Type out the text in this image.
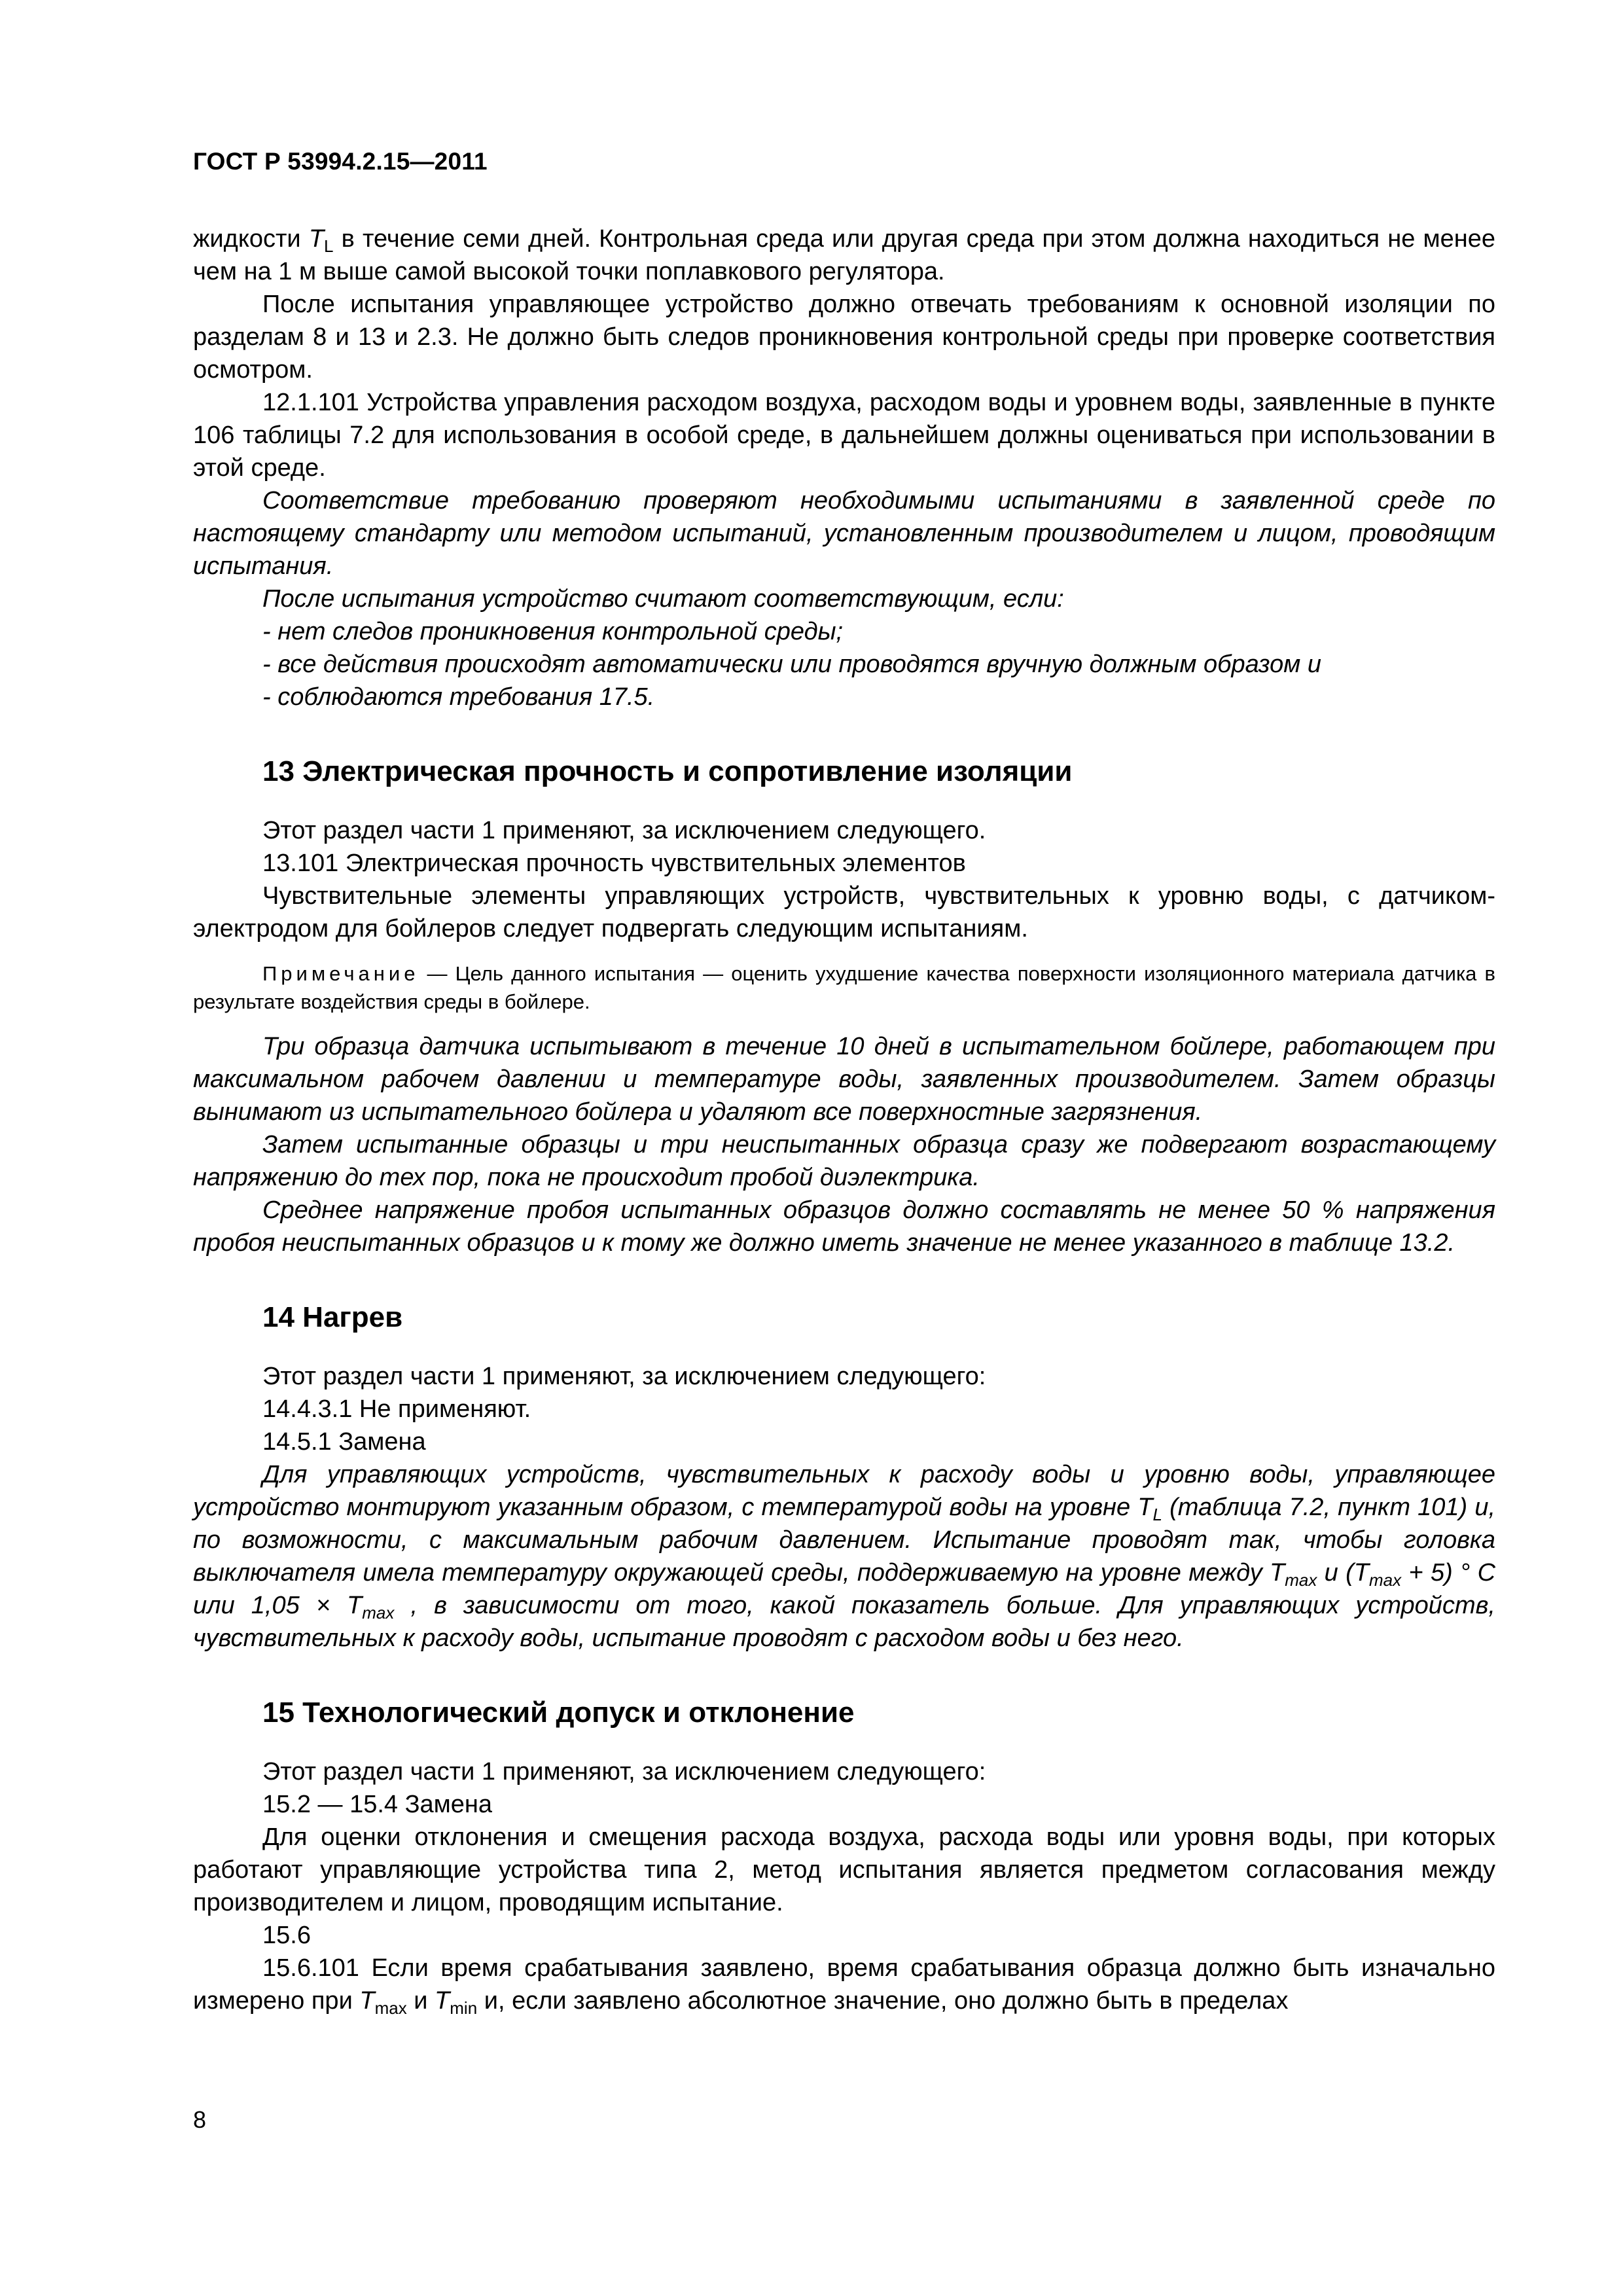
ГОСТ Р 53994.2.15—2011

жидкости $T_L$ в течение семи дней. Контрольная среда или другая среда при этом должна находиться не менее чем на 1 м выше самой высокой точки поплавкового регулятора.

После испытания управляющее устройство должно отвечать требованиям к основной изоляции по разделам 8 и 13 и 2.3. Не должно быть следов проникновения контрольной среды при проверке соответствия осмотром.

12.1.101 Устройства управления расходом воздуха, расходом воды и уровнем воды, заявленные в пункте 106 таблицы 7.2 для использования в особой среде, в дальнейшем должны оцениваться при использовании в этой среде.

Соответствие требованию проверяют необходимыми испытаниями в заявленной среде по настоящему стандарту или методом испытаний, установленным производителем и лицом, проводящим испытания.

После испытания устройство считают соответствующим, если:

- нет следов проникновения контрольной среды;

- все действия происходят автоматически или проводятся вручную должным образом и

- соблюдаются требования 17.5.

13 Электрическая прочность и сопротивление изоляции

Этот раздел части 1 применяют, за исключением следующего.

13.101 Электрическая прочность чувствительных элементов

Чувствительные элементы управляющих устройств, чувствительных к уровню воды, с датчиком-электродом для бойлеров следует подвергать следующим испытаниям.

Примечание — Цель данного испытания — оценить ухудшение качества поверхности изоляционного материала датчика в результате воздействия среды в бойлере.

Три образца датчика испытывают в течение 10 дней в испытательном бойлере, работающем при максимальном рабочем давлении и температуре воды, заявленных производителем. Затем образцы вынимают из испытательного бойлера и удаляют все поверхностные загрязнения.

Затем испытанные образцы и три неиспытанных образца сразу же подвергают возрастающему напряжению до тех пор, пока не происходит пробой диэлектрика.

Среднее напряжение пробоя испытанных образцов должно составлять не менее 50 % напряжения пробоя неиспытанных образцов и к тому же должно иметь значение не менее указанного в таблице 13.2.

14 Нагрев

Этот раздел части 1 применяют, за исключением следующего:

14.4.3.1 Не применяют.

14.5.1 Замена

Для управляющих устройств, чувствительных к расходу воды и уровню воды, управляющее устройство монтируют указанным образом, с температурой воды на уровне $T_L$ (таблица 7.2, пункт 101) и, по возможности, с максимальным рабочим давлением. Испытание проводят так, чтобы головка выключателя имела температуру окружающей среды, поддерживаемую на уровне между $T_{max}$ и $(T_{max} + 5)$ ° С или $1,05 \times T_{max}$ , в зависимости от того, какой показатель больше. Для управляющих устройств, чувствительных к расходу воды, испытание проводят с расходом воды и без него.

15 Технологический допуск и отклонение

Этот раздел части 1 применяют, за исключением следующего:

15.2 — 15.4 Замена

Для оценки отклонения и смещения расхода воздуха, расхода воды или уровня воды, при которых работают управляющие устройства типа 2, метод испытания является предметом согласования между производителем и лицом, проводящим испытание.

15.6

15.6.101 Если время срабатывания заявлено, время срабатывания образца должно быть изначально измерено при $T_{max}$ и $T_{min}$ и, если заявлено абсолютное значение, оно должно быть в пределах

8
